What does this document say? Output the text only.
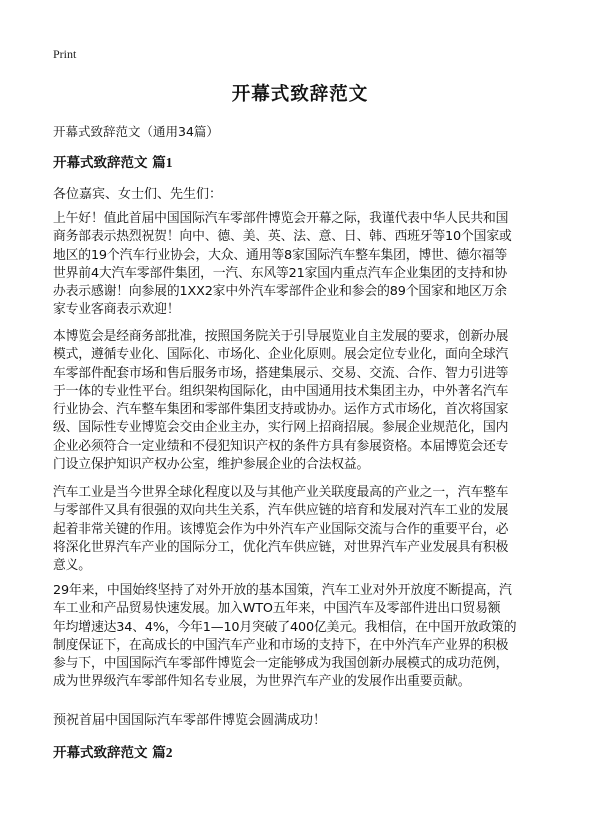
Print
开幕式致辞范文
开幕式致辞范文（通用34篇）
开幕式致辞范文 篇1
各位嘉宾、女士们、先生们：
上午好！值此首届中国国际汽车零部件博览会开幕之际，我谨代表中华人民共和国
商务部表示热烈祝贺！向中、德、美、英、法、意、日、韩、西班牙等10个国家或
地区的19个汽车行业协会，大众、通用等8家国际汽车整车集团，博世、德尔福等
世界前4大汽车零部件集团，一汽、东风等21家国内重点汽车企业集团的支持和协
办表示感谢！向参展的1XX2家中外汽车零部件企业和参会的89个国家和地区万余
家专业客商表示欢迎！
本博览会是经商务部批准，按照国务院关于引导展览业自主发展的要求，创新办展
模式，遵循专业化、国际化、市场化、企业化原则。展会定位专业化，面向全球汽
车零部件配套市场和售后服务市场，搭建集展示、交易、交流、合作、智力引进等
于一体的专业性平台。组织架构国际化，由中国通用技术集团主办，中外著名汽车
行业协会、汽车整车集团和零部件集团支持或协办。运作方式市场化，首次将国家
级、国际性专业博览会交由企业主办，实行网上招商招展。参展企业规范化，国内
企业必须符合一定业绩和不侵犯知识产权的条件方具有参展资格。本届博览会还专
门设立保护知识产权办公室，维护参展企业的合法权益。
汽车工业是当今世界全球化程度以及与其他产业关联度最高的产业之一，汽车整车
与零部件又具有很强的双向共生关系，汽车供应链的培育和发展对汽车工业的发展
起着非常关键的作用。该博览会作为中外汽车产业国际交流与合作的重要平台，必
将深化世界汽车产业的国际分工，优化汽车供应链，对世界汽车产业发展具有积极
意义。
29年来，中国始终坚持了对外开放的基本国策，汽车工业对外开放度不断提高，汽
车工业和产品贸易快速发展。加入WTO五年来，中国汽车及零部件进出口贸易额
年均增速达34、4%，今年1—10月突破了400亿美元。我相信，在中国开放政策的
制度保证下，在高成长的中国汽车产业和市场的支持下，在中外汽车产业界的积极
参与下，中国国际汽车零部件博览会一定能够成为我国创新办展模式的成功范例，
成为世界级汽车零部件知名专业展，为世界汽车产业的发展作出重要贡献。
预祝首届中国国际汽车零部件博览会圆满成功！
开幕式致辞范文 篇2
